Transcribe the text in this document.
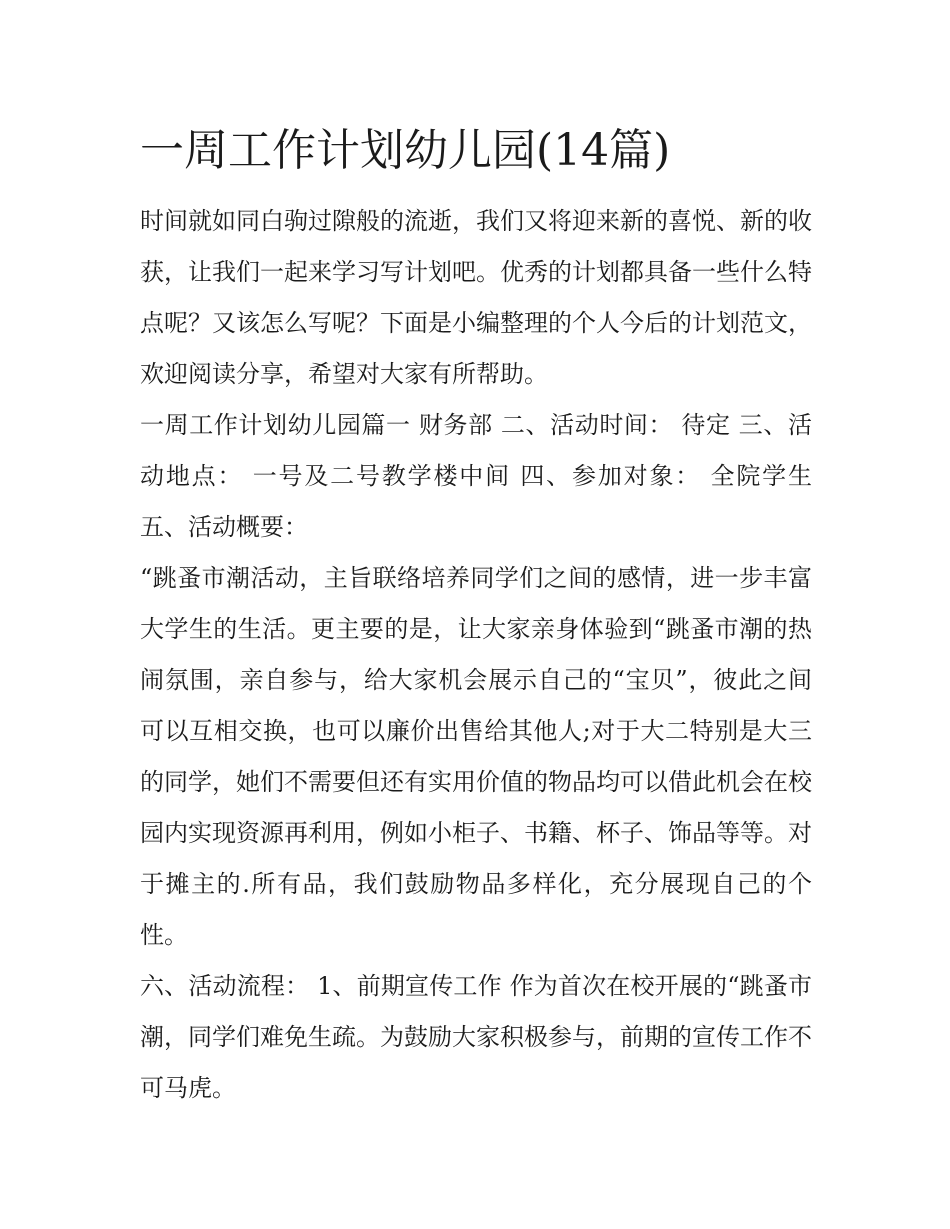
一周工作计划幼儿园(14篇)

时间就如同白驹过隙般的流逝，我们又将迎来新的喜悦、新的收获，让我们一起来学习写计划吧。优秀的计划都具备一些什么特点呢？又该怎么写呢？下面是小编整理的个人今后的计划范文，欢迎阅读分享，希望对大家有所帮助。

一周工作计划幼儿园篇一 财务部 二、活动时间： 待定 三、活动地点： 一号及二号教学楼中间 四、参加对象： 全院学生 五、活动概要：

“跳蚤市潮活动，主旨联络培养同学们之间的感情，进一步丰富大学生的生活。更主要的是，让大家亲身体验到“跳蚤市潮的热闹氛围，亲自参与，给大家机会展示自己的“宝贝”，彼此之间可以互相交换，也可以廉价出售给其他人;对于大二特别是大三的同学，她们不需要但还有实用价值的物品均可以借此机会在校园内实现资源再利用，例如小柜子、书籍、杯子、饰品等等。对于摊主的.所有品，我们鼓励物品多样化，充分展现自己的个性。

六、活动流程： 1、前期宣传工作 作为首次在校开展的“跳蚤市潮，同学们难免生疏。为鼓励大家积极参与，前期的宣传工作不可马虎。
